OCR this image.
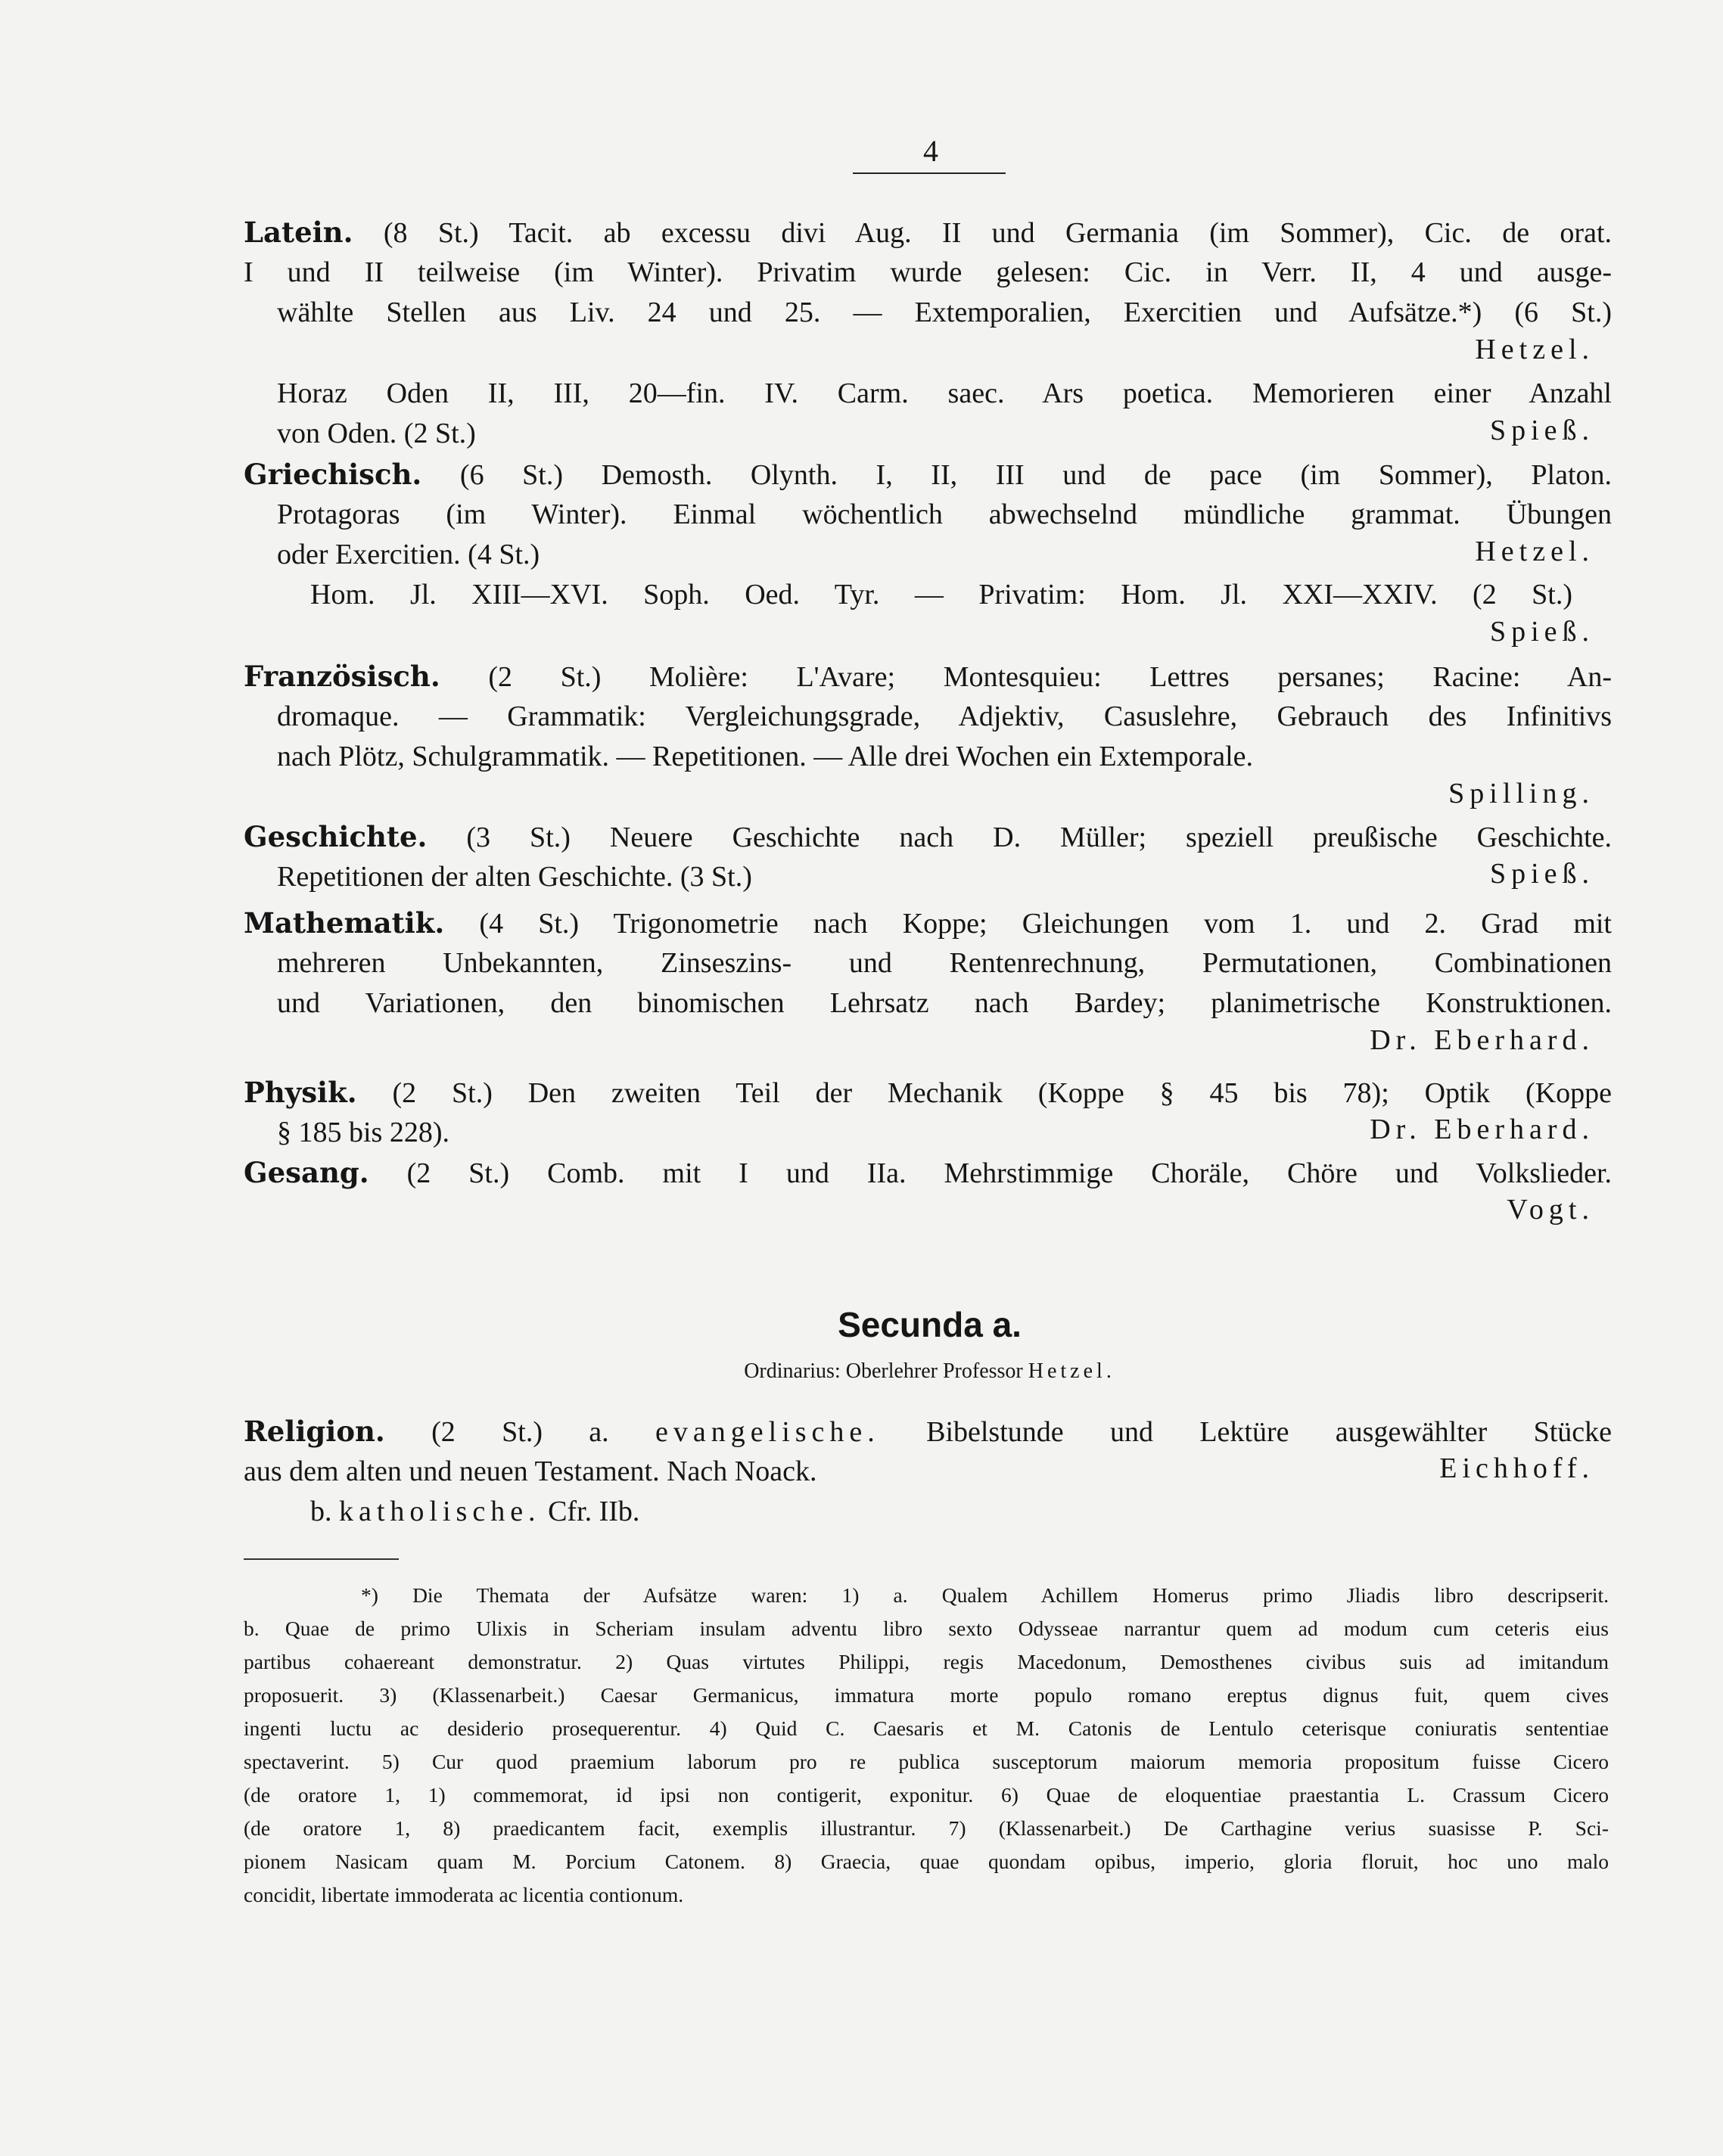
4
Latein. (8 St.) Tacit. ab excessu divi Aug. II und Germania (im Sommer), Cic. de orat.
I und II teilweise (im Winter). Privatim wurde gelesen: Cic. in Verr. II, 4 und ausge-
wählte Stellen aus Liv. 24 und 25. — Extemporalien, Exercitien und Aufsätze.*) (6 St.)
Hetzel.
Horaz Oden II, III, 20—fin. IV. Carm. saec. Ars poetica. Memorieren einer Anzahl
von Oden. (2 St.)	Spieß.
Griechisch. (6 St.) Demosth. Olynth. I, II, III und de pace (im Sommer), Platon.
Protagoras (im Winter). Einmal wöchentlich abwechselnd mündliche grammat. Übungen
oder Exercitien. (4 St.)	Hetzel.
Hom. Jl. XIII—XVI. Soph. Oed. Tyr. — Privatim: Hom. Jl. XXI—XXIV. (2 St.)
Spieß.
Französisch. (2 St.) Molière: L'Avare; Montesquieu: Lettres persanes; Racine: An-
dromaque. — Grammatik: Vergleichungsgrade, Adjektiv, Casuslehre, Gebrauch des Infinitivs
nach Plötz, Schulgrammatik. — Repetitionen. — Alle drei Wochen ein Extemporale.
Spilling.
Geschichte. (3 St.) Neuere Geschichte nach D. Müller; speziell preußische Geschichte.
Repetitionen der alten Geschichte. (3 St.)	Spieß.
Mathematik. (4 St.) Trigonometrie nach Koppe; Gleichungen vom 1. und 2. Grad mit
mehreren Unbekannten, Zinseszins- und Rentenrechnung, Permutationen, Combinationen
und Variationen, den binomischen Lehrsatz nach Bardey; planimetrische Konstruktionen.
Dr. Eberhard.
Physik. (2 St.) Den zweiten Teil der Mechanik (Koppe § 45 bis 78); Optik (Koppe
§ 185 bis 228).	Dr. Eberhard.
Gesang. (2 St.) Comb. mit I und IIa. Mehrstimmige Choräle, Chöre und Volkslieder.
Vogt.
Secunda a.
Ordinarius: Oberlehrer Professor Hetzel.
Religion. (2 St.) a. evangelische. Bibelstunde und Lektüre ausgewählter Stücke
aus dem alten und neuen Testament. Nach Noack.	Eichhoff.
b. katholische. Cfr. IIb.
*) Die Themata der Aufsätze waren: 1) a. Qualem Achillem Homerus primo Jliadis libro descripserit.
b. Quae de primo Ulixis in Scheriam insulam adventu libro sexto Odysseae narrantur quem ad modum cum ceteris eius
partibus cohaereant demonstratur. 2) Quas virtutes Philippi, regis Macedonum, Demosthenes civibus suis ad imitandum
proposuerit. 3) (Klassenarbeit.) Caesar Germanicus, immatura morte populo romano ereptus dignus fuit, quem cives
ingenti luctu ac desiderio prosequerentur. 4) Quid C. Caesaris et M. Catonis de Lentulo ceterisque coniuratis sententiae
spectaverint. 5) Cur quod praemium laborum pro re publica susceptorum maiorum memoria propositum fuisse Cicero
(de oratore 1, 1) commemorat, id ipsi non contigerit, exponitur. 6) Quae de eloquentiae praestantia L. Crassum Cicero
(de oratore 1, 8) praedicantem facit, exemplis illustrantur. 7) (Klassenarbeit.) De Carthagine verius suasisse P. Sci-
pionem Nasicam quam M. Porcium Catonem. 8) Graecia, quae quondam opibus, imperio, gloria floruit, hoc uno malo
concidit, libertate immoderata ac licentia contionum.
